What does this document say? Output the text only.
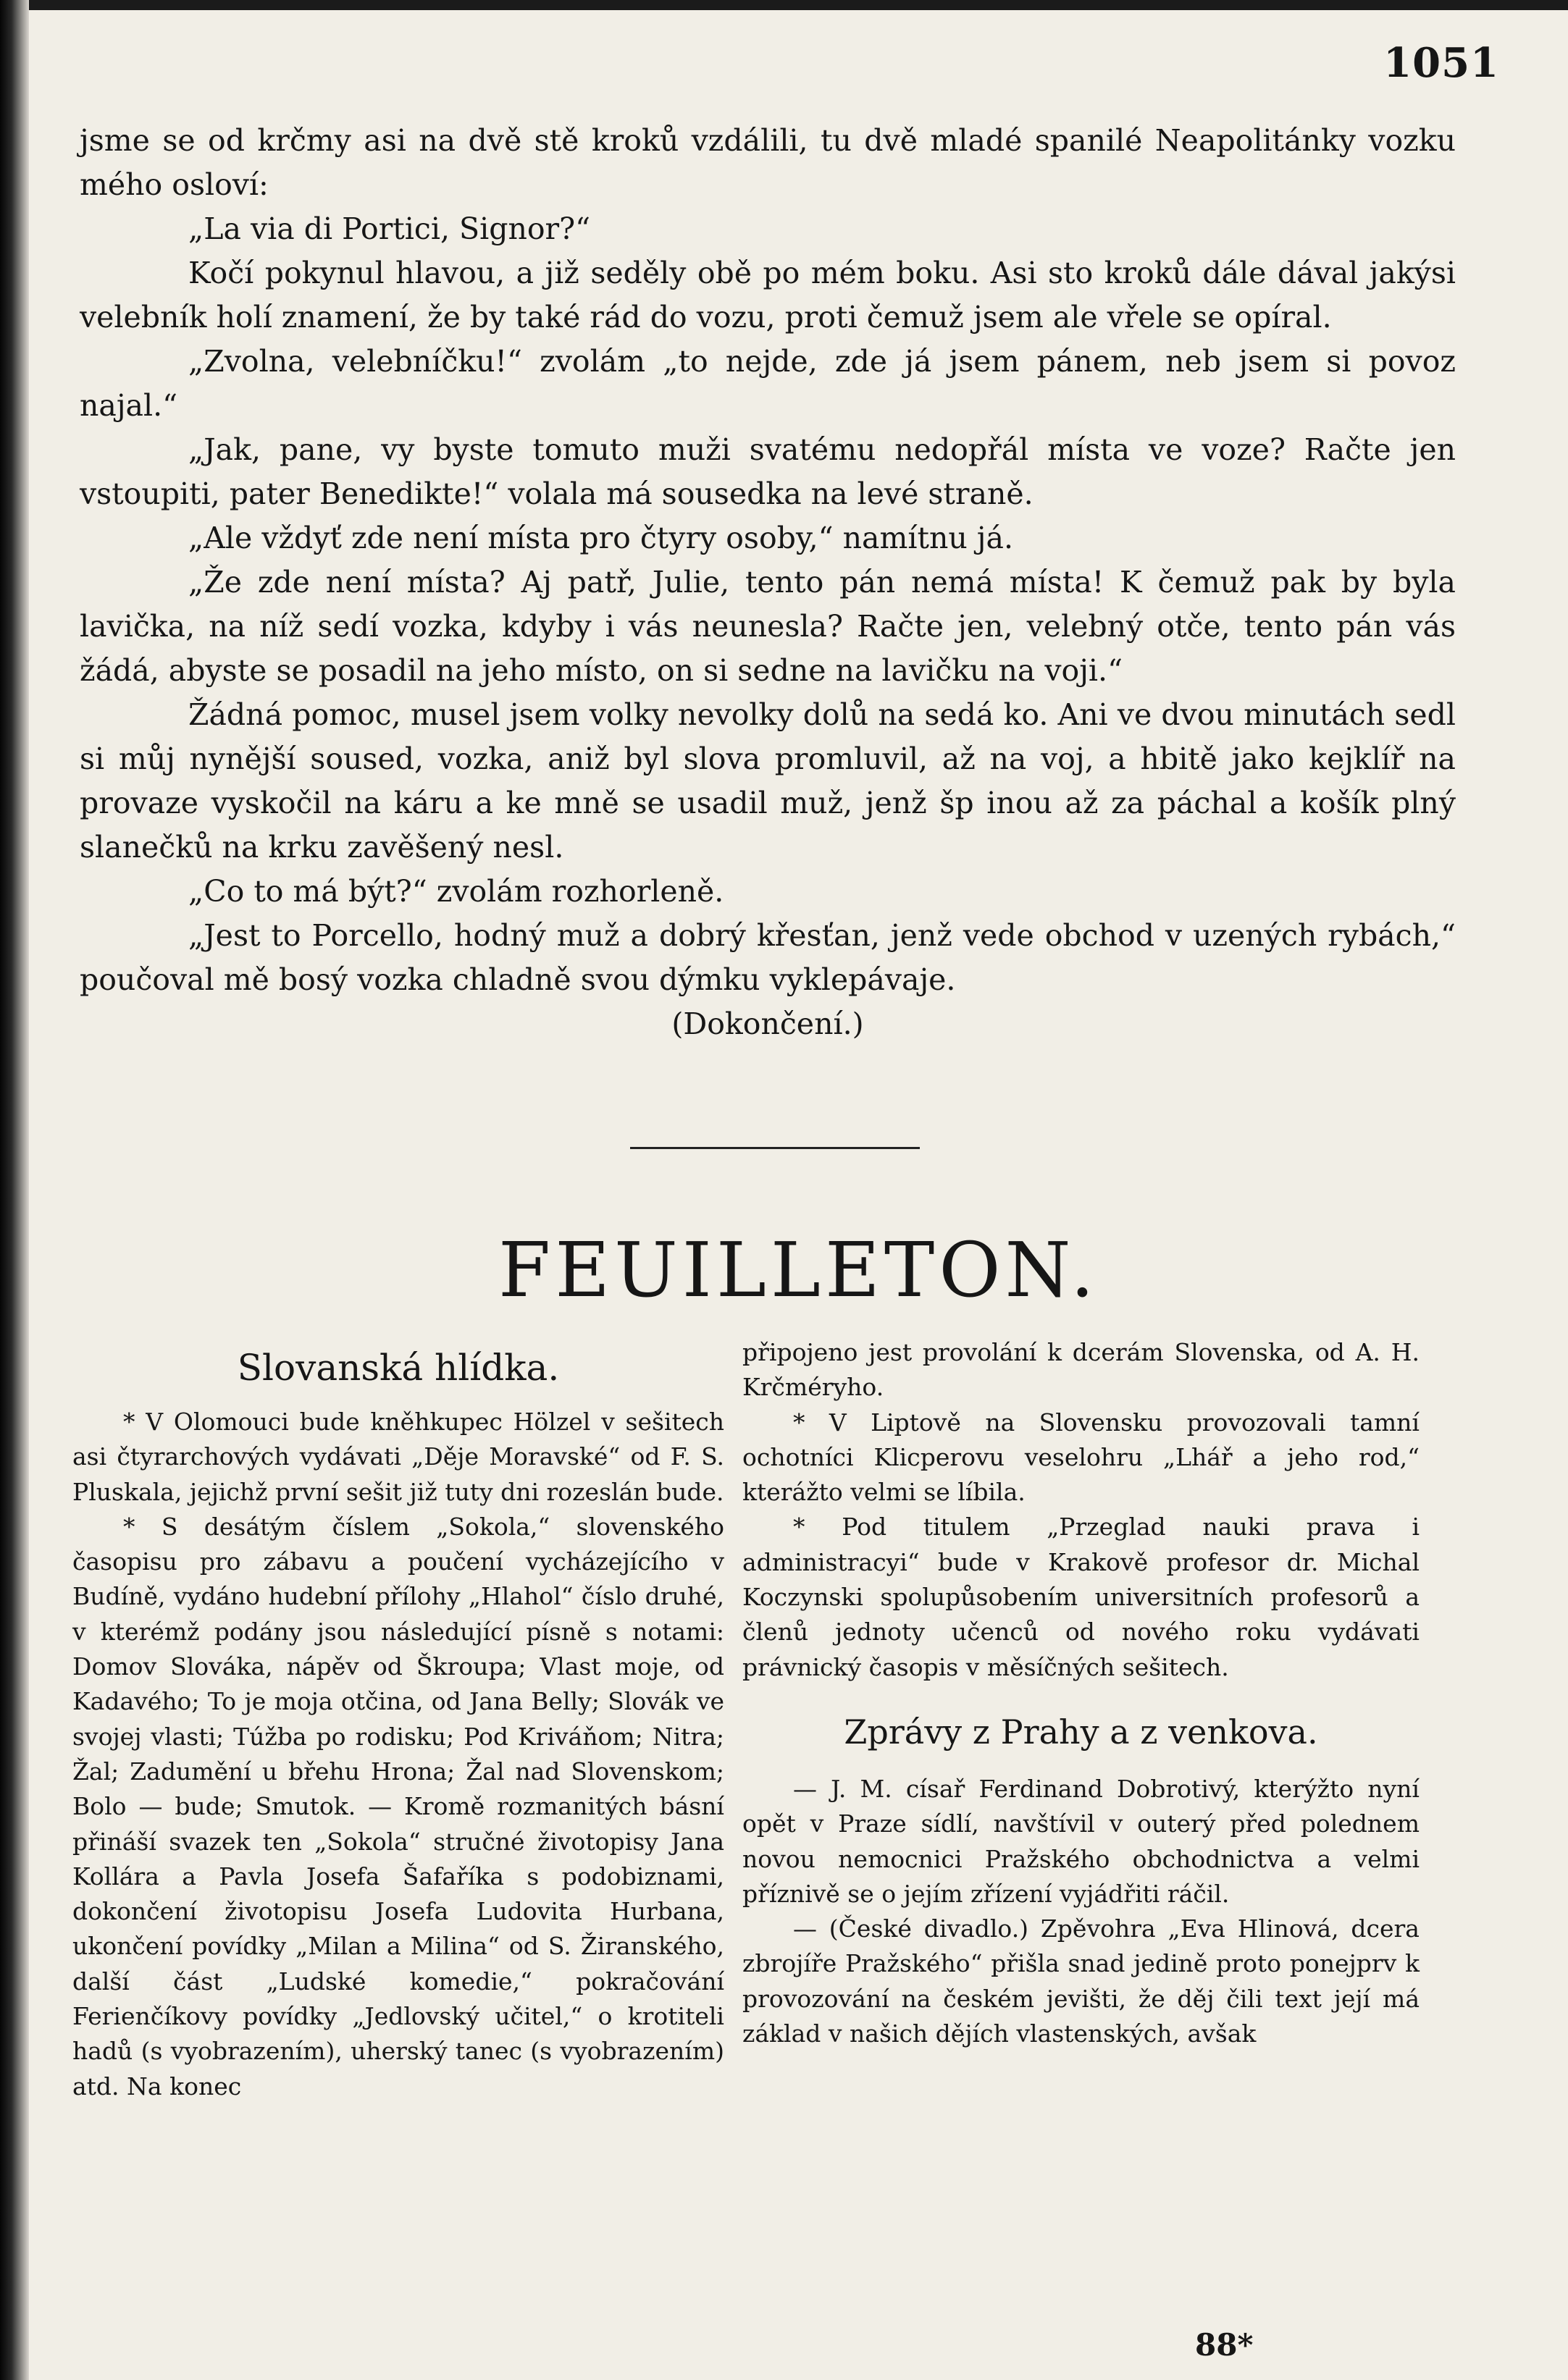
1051

jsme se od krčmy asi na dvě stě kroků vzdálili, tu dvě mladé spanilé Neapolitánky vozku mého osloví:

„La via di Portici, Signor?“

Kočí pokynul hlavou, a již seděly obě po mém boku. Asi sto kroků dále dával jakýsi velebník holí znamení, že by také rád do vozu, proti čemuž jsem ale vřele se opíral.

„Zvolna, velebníčku!“ zvolám „to nejde, zde já jsem pánem, neb jsem si povoz najal.“

„Jak, pane, vy byste tomuto muži svatému nedopřál místa ve voze? Račte jen vstoupiti, pater Benedikte!“ volala má sousedka na levé straně.

„Ale vždyť zde není místa pro čtyry osoby,“ namítnu já.

„Že zde není místa? Aj patř, Julie, tento pán nemá místa! K čemuž pak by byla lavička, na níž sedí vozka, kdyby i vás neunesla? Račte jen, velebný otče, tento pán vás žádá, abyste se posadil na jeho místo, on si sedne na lavičku na voji.“

Žádná pomoc, musel jsem volky nevolky dolů na sedá ko. Ani ve dvou minutách sedl si můj nynější soused, vozka, aniž byl slova promluvil, až na voj, a hbitě jako kejklíř na provaze vyskočil na káru a ke mně se usadil muž, jenž šp inou až za páchal a košík plný slanečků na krku zavěšený nesl.

„Co to má být?“ zvolám rozhorleně.

„Jest to Porcello, hodný muž a dobrý křesťan, jenž vede obchod v uzených rybách,“ poučoval mě bosý vozka chladně svou dýmku vyklepávaje.

(Dokončení.)

FEUILLETON.
Slovanská hlídka.

* V Olomouci bude kněhkupec Hölzel v sešitech asi čtyrarchových vydávati „Děje Moravské“ od F. S. Pluskala, jejichž první sešit již tuty dni rozeslán bude.

* S desátým číslem „Sokola,“ slovenského časopisu pro zábavu a poučení vycházejícího v Budíně, vydáno hudební přílohy „Hlahol“ číslo druhé, v kterémž podány jsou následující písně s notami: Domov Slováka, nápěv od Škroupa; Vlast moje, od Kadavého; To je moja otčina, od Jana Belly; Slovák ve svojej vlasti; Túžba po rodisku; Pod Kriváňom; Nitra; Žal; Zadumění u břehu Hrona; Žal nad Slovenskom; Bolo — bude; Smutok. — Kromě rozmanitých básní přináší svazek ten „Sokola“ stručné životopisy Jana Kollára a Pavla Josefa Šafaříka s podobiznami, dokončení životopisu Josefa Ludovita Hurbana, ukončení povídky „Milan a Milina“ od S. Žiranského, další část „Ludské komedie,“ pokračování Ferienčíkovy povídky „Jedlovský učitel,“ o krotiteli hadů (s vyobrazením), uherský tanec (s vyobrazením) atd. Na konec

připojeno jest provolání k dcerám Slovenska, od A. H. Krčméryho.

* V Liptově na Slovensku provozovali tamní ochotníci Klicperovu veselohru „Lhář a jeho rod,“ kterážto velmi se líbila.

* Pod titulem „Przeglad nauki prava i administracyi“ bude v Krakově profesor dr. Michal Koczynski spolupůsobením universitních profesorů a členů jednoty učenců od nového roku vydávati právnický časopis v měsíčných sešitech.

Zprávy z Prahy a z venkova.

— J. M. císař Ferdinand Dobrotivý, kterýžto nyní opět v Praze sídlí, navštívil v outerý před polednem novou nemocnici Pražského obchodnictva a velmi příznivě se o jejím zřízení vyjádřiti ráčil.

— (České divadlo.) Zpěvohra „Eva Hlinová, dcera zbrojíře Pražského“ přišla snad jedině proto ponejprv k provozování na českém jevišti, že děj čili text její má základ v našich dějích vlastenských, avšak

88*
